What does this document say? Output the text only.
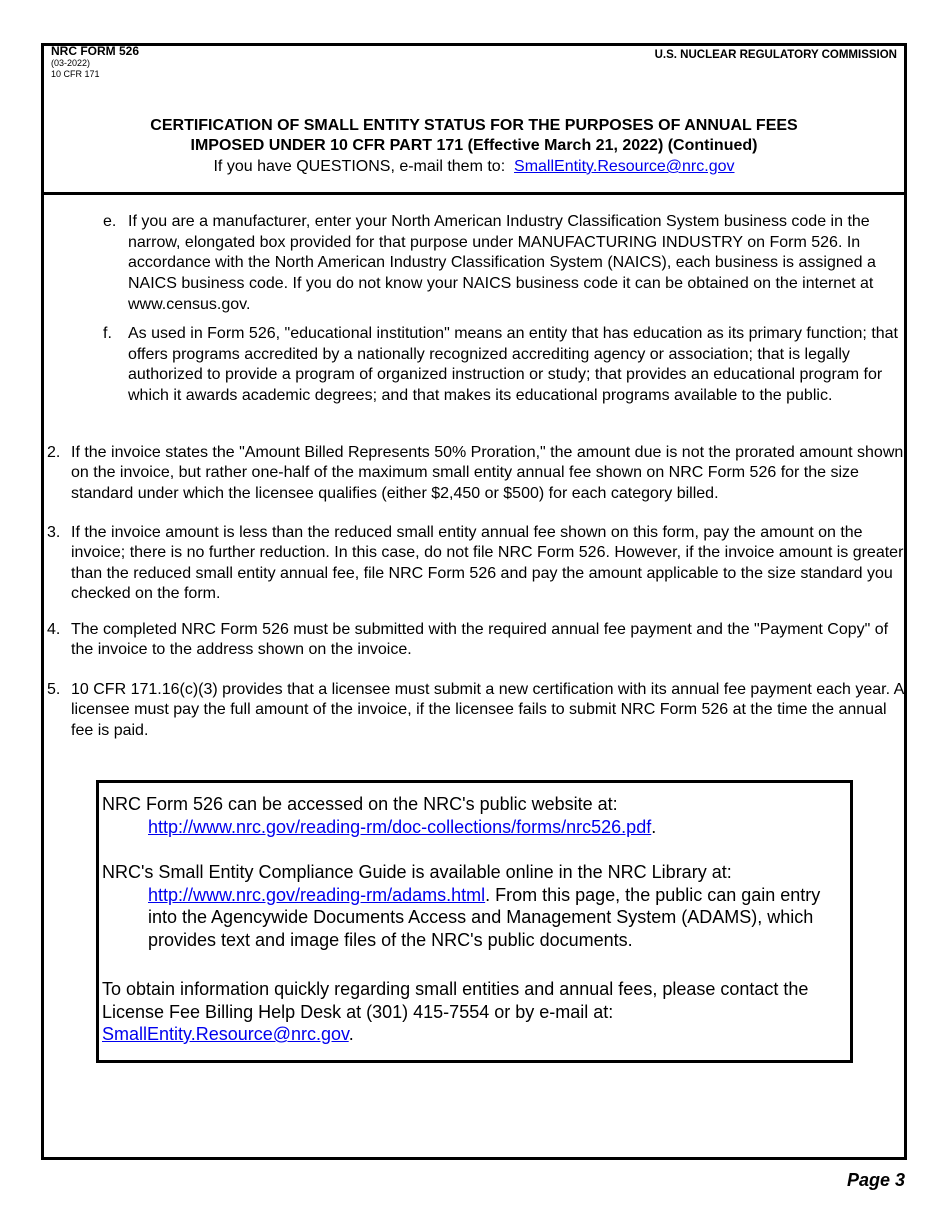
NRC FORM 526
(03-2022)
10 CFR 171
U.S. NUCLEAR REGULATORY COMMISSION
CERTIFICATION OF SMALL ENTITY STATUS FOR THE PURPOSES OF ANNUAL FEES
IMPOSED UNDER 10 CFR PART 171 (Effective March 21, 2022) (Continued)
If you have QUESTIONS, e-mail them to: SmallEntity.Resource@nrc.gov
e. If you are a manufacturer, enter your North American Industry Classification System business code in the narrow, elongated box provided for that purpose under MANUFACTURING INDUSTRY on Form 526. In accordance with the North American Industry Classification System (NAICS), each business is assigned a NAICS business code. If you do not know your NAICS business code it can be obtained on the internet at www.census.gov.
f. As used in Form 526, "educational institution" means an entity that has education as its primary function; that offers programs accredited by a nationally recognized accrediting agency or association; that is legally authorized to provide a program of organized instruction or study; that provides an educational program for which it awards academic degrees; and that makes its educational programs available to the public.
2. If the invoice states the "Amount Billed Represents 50% Proration," the amount due is not the prorated amount shown on the invoice, but rather one-half of the maximum small entity annual fee shown on NRC Form 526 for the size standard under which the licensee qualifies (either $2,450 or $500) for each category billed.
3. If the invoice amount is less than the reduced small entity annual fee shown on this form, pay the amount on the invoice; there is no further reduction. In this case, do not file NRC Form 526. However, if the invoice amount is greater than the reduced small entity annual fee, file NRC Form 526 and pay the amount applicable to the size standard you checked on the form.
4. The completed NRC Form 526 must be submitted with the required annual fee payment and the "Payment Copy" of the invoice to the address shown on the invoice.
5. 10 CFR 171.16(c)(3) provides that a licensee must submit a new certification with its annual fee payment each year. A licensee must pay the full amount of the invoice, if the licensee fails to submit NRC Form 526 at the time the annual fee is paid.
NRC Form 526 can be accessed on the NRC's public website at:
http://www.nrc.gov/reading-rm/doc-collections/forms/nrc526.pdf.
NRC's Small Entity Compliance Guide is available online in the NRC Library at:
http://www.nrc.gov/reading-rm/adams.html. From this page, the public can gain entry into the Agencywide Documents Access and Management System (ADAMS), which provides text and image files of the NRC's public documents.
To obtain information quickly regarding small entities and annual fees, please contact the License Fee Billing Help Desk at (301) 415-7554 or by e-mail at: SmallEntity.Resource@nrc.gov.
Page 3
